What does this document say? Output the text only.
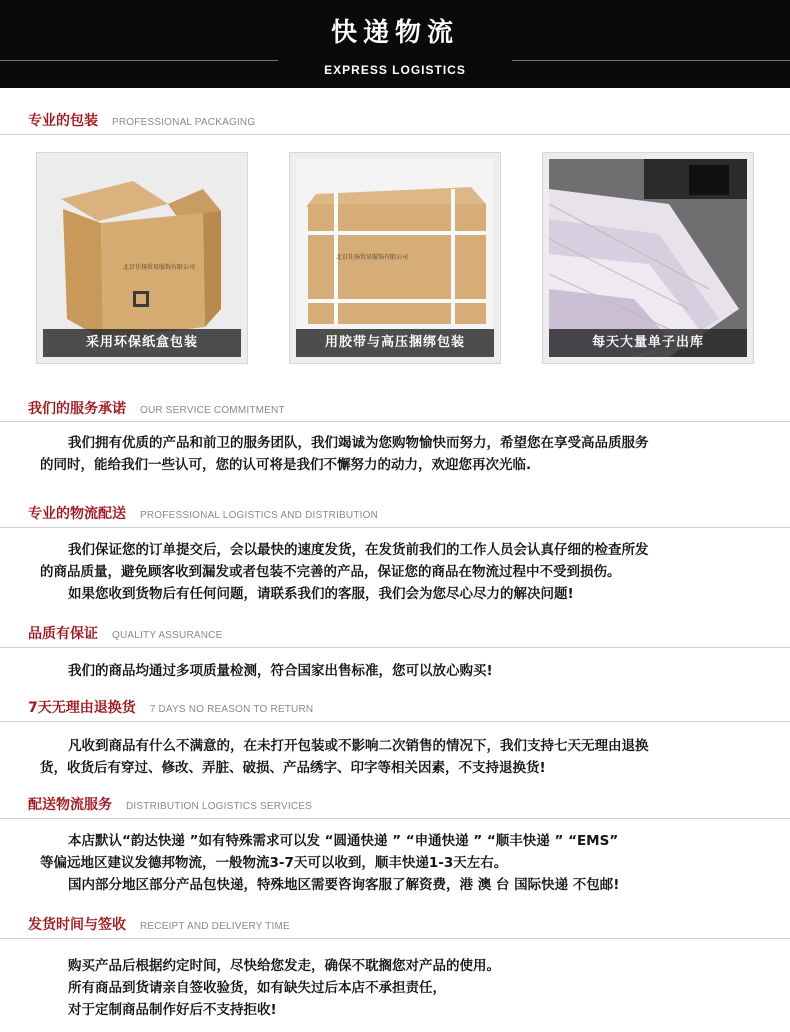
快递物流
EXPRESS LOGISTICS
专业的包装 PROFESSIONAL PACKAGING
北京佳扬贸易服饰有限公司
采用环保纸盒包装
北京佳扬贸易服饰有限公司
用胶带与高压捆绑包装	每天大量单子出库
我们的服务承诺 OUR SERVICE COMMITMENT
我们拥有优质的产品和前卫的服务团队，我们竭诚为您购物愉快而努力，希望您在享受高品质服务
的同时，能给我们一些认可，您的认可将是我们不懈努力的动力，欢迎您再次光临.
专业的物流配送 PROFESSIONAL LOGISTICS AND DISTRIBUTION
我们保证您的订单提交后，会以最快的速度发货，在发货前我们的工作人员会认真仔细的检查所发
的商品质量，避免顾客收到漏发或者包装不完善的产品，保证您的商品在物流过程中不受到损伤。
如果您收到货物后有任何问题，请联系我们的客服，我们会为您尽心尽力的解决问题!
品质有保证 QUALITY ASSURANCE
我们的商品均通过多项质量检测，符合国家出售标准，您可以放心购买!
7天无理由退换货 7 DAYS NO REASON TO RETURN
凡收到商品有什么不满意的，在未打开包装或不影响二次销售的情况下，我们支持七天无理由退换
货，收货后有穿过、修改、弄脏、破损、产品绣字、印字等相关因素，不支持退换货!
配送物流服务 DISTRIBUTION LOGISTICS SERVICES
本店默认“韵达快递 ”如有特殊需求可以发 “圆通快递 ” “申通快递 ” “顺丰快递 ” “EMS”
等偏远地区建议发德邦物流，一般物流3-7天可以收到，顺丰快递1-3天左右。
国内部分地区部分产品包快递，特殊地区需要咨询客服了解资费，港 澳 台 国际快递 不包邮!
发货时间与签收 RECEIPT AND DELIVERY TIME
购买产品后根据约定时间，尽快给您发走，确保不耽搁您对产品的使用。
所有商品到货请亲自签收验货，如有缺失过后本店不承担责任，
对于定制商品制作好后不支持拒收!
